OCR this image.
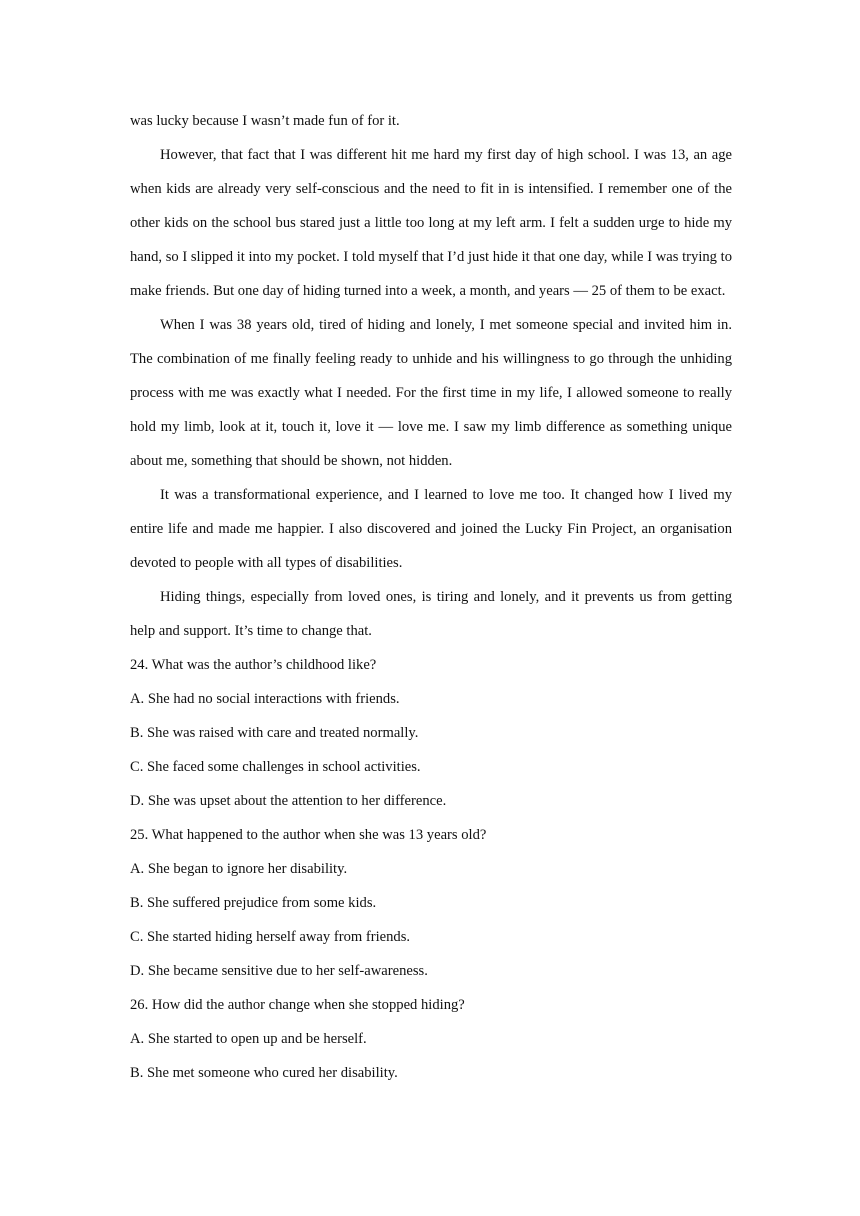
was lucky because I wasn’t made fun of for it.

However, that fact that I was different hit me hard my first day of high school. I was 13, an age when kids are already very self-conscious and the need to fit in is intensified. I remember one of the other kids on the school bus stared just a little too long at my left arm. I felt a sudden urge to hide my hand, so I slipped it into my pocket. I told myself that I’d just hide it that one day, while I was trying to make friends. But one day of hiding turned into a week, a month, and years — 25 of them to be exact.

When I was 38 years old, tired of hiding and lonely, I met someone special and invited him in. The combination of me finally feeling ready to unhide and his willingness to go through the unhiding process with me was exactly what I needed. For the first time in my life, I allowed someone to really hold my limb, look at it, touch it, love it — love me. I saw my limb difference as something unique about me, something that should be shown, not hidden.

It was a transformational experience, and I learned to love me too. It changed how I lived my entire life and made me happier. I also discovered and joined the Lucky Fin Project, an organisation devoted to people with all types of disabilities.

Hiding things, especially from loved ones, is tiring and lonely, and it prevents us from getting help and support. It’s time to change that.

24. What was the author’s childhood like?

A. She had no social interactions with friends.

B. She was raised with care and treated normally.

C. She faced some challenges in school activities.

D. She was upset about the attention to her difference.

25. What happened to the author when she was 13 years old?

A. She began to ignore her disability.

B. She suffered prejudice from some kids.

C. She started hiding herself away from friends.

D. She became sensitive due to her self-awareness.

26. How did the author change when she stopped hiding?

A. She started to open up and be herself.

B. She met someone who cured her disability.
